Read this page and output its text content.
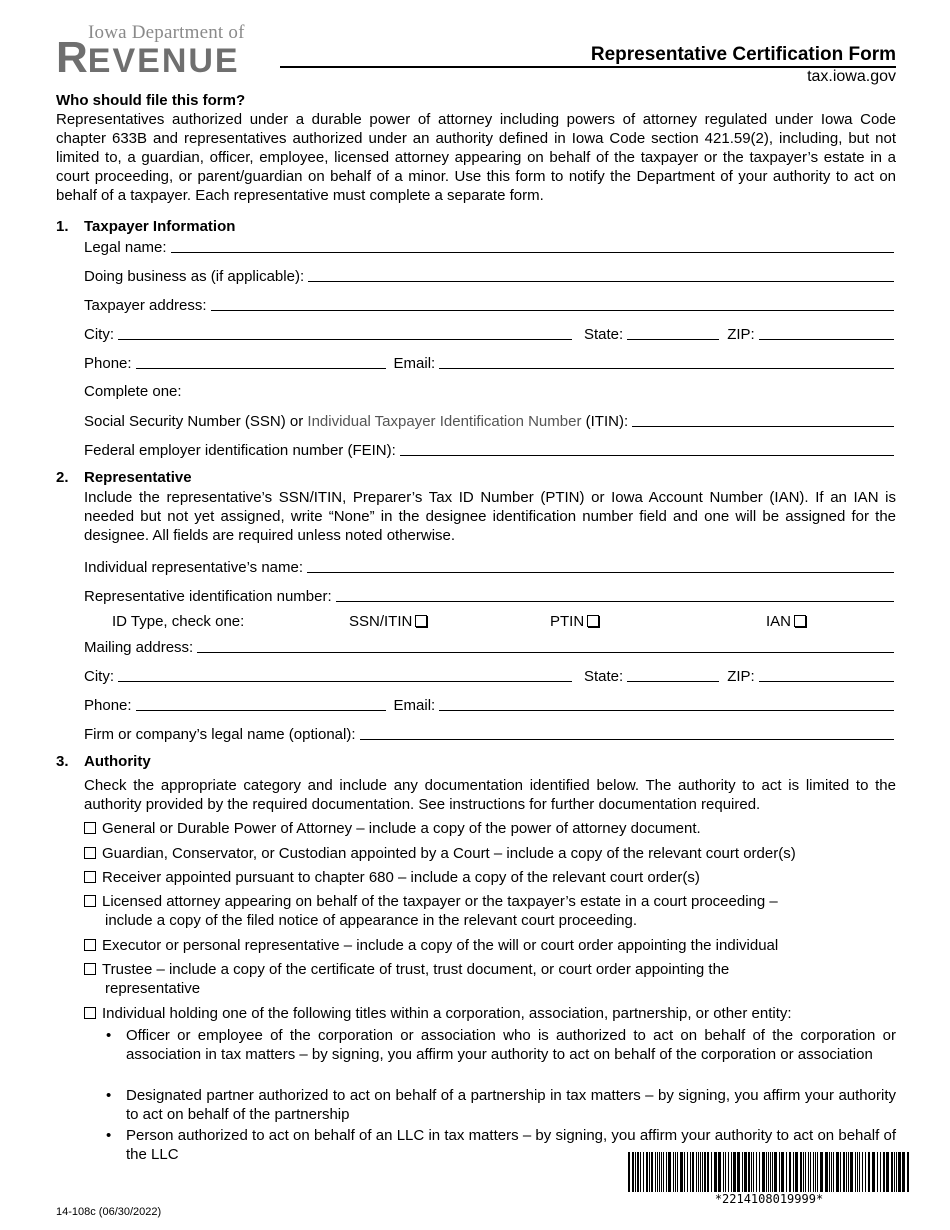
Iowa Department of
REVENUE	Representative Certification Form
tax.iowa.gov
Who should file this form?
Representatives authorized under a durable power of attorney including powers of attorney regulated under Iowa Code chapter 633B and representatives authorized under an authority defined in Iowa Code section 421.59(2), including, but not limited to, a guardian, officer, employee, licensed attorney appearing on behalf of the taxpayer or the taxpayer’s estate in a court proceeding, or parent/guardian on behalf of a minor. Use this form to notify the Department of your authority to act on behalf of a taxpayer. Each representative must complete a separate form.
1. Taxpayer Information
Legal name:
Doing business as (if applicable):
Taxpayer address:
City:	State:	ZIP:
Phone:	Email:
Complete one:
Social Security Number (SSN) or Individual Taxpayer Identification Number (ITIN):
Federal employer identification number (FEIN):
2. Representative
Include the representative’s SSN/ITIN, Preparer’s Tax ID Number (PTIN) or Iowa Account Number (IAN). If an IAN is needed but not yet assigned, write “None” in the designee identification number field and one will be assigned for the designee. All fields are required unless noted otherwise.
Individual representative’s name:
Representative identification number:
ID Type, check one:	SSN/ITIN	PTIN	IAN
Mailing address:
City:	State:	ZIP:
Phone:	Email:
Firm or company’s legal name (optional):
3. Authority
Check the appropriate category and include any documentation identified below. The authority to act is limited to the authority provided by the required documentation. See instructions for further documentation required.
General or Durable Power of Attorney – include a copy of the power of attorney document.
Guardian, Conservator, or Custodian appointed by a Court – include a copy of the relevant court order(s)
Receiver appointed pursuant to chapter 680 – include a copy of the relevant court order(s)
Licensed attorney appearing on behalf of the taxpayer or the taxpayer’s estate in a court proceeding –
include a copy of the filed notice of appearance in the relevant court proceeding.
Executor or personal representative – include a copy of the will or court order appointing the individual
Trustee – include a copy of the certificate of trust, trust document, or court order appointing the
representative
Individual holding one of the following titles within a corporation, association, partnership, or other entity:
• Officer or employee of the corporation or association who is authorized to act on behalf of the corporation or association in tax matters – by signing, you affirm your authority to act on behalf of the corporation or association
• Designated partner authorized to act on behalf of a partnership in tax matters – by signing, you affirm your authority to act on behalf of the partnership
• Person authorized to act on behalf of an LLC in tax matters – by signing, you affirm your authority to act on behalf of the LLC
14-108c (06/30/2022)
*2214108019999*
